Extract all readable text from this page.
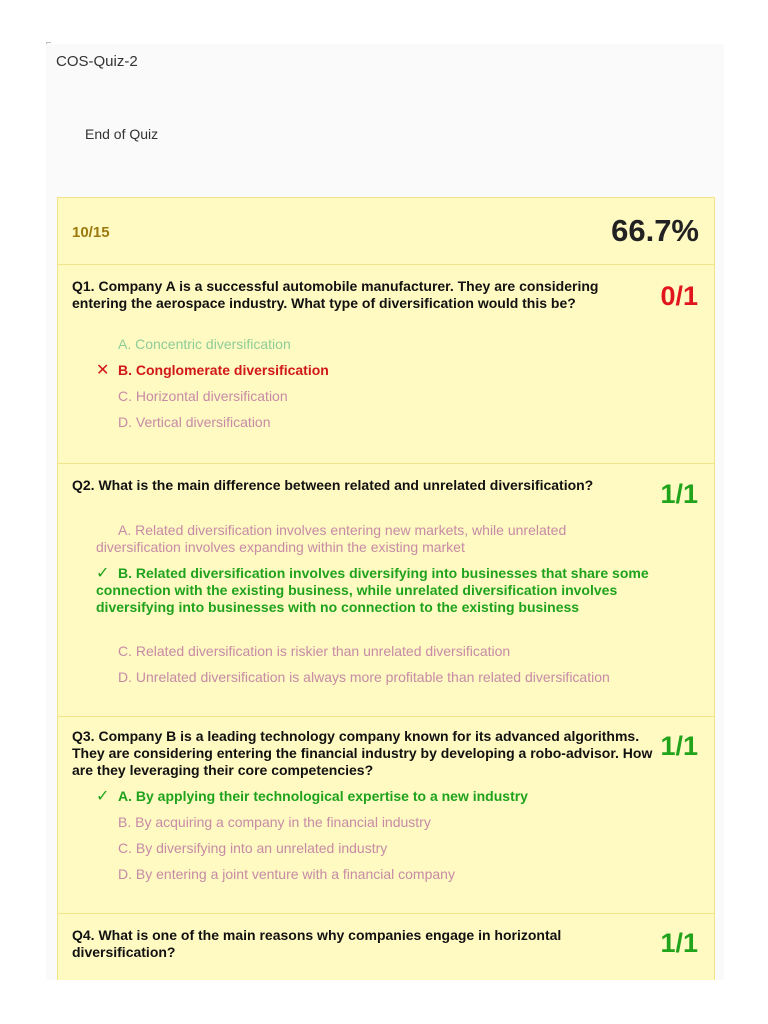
COS-Quiz-2
End of Quiz
10/15	66.7%
Q1. Company A is a successful automobile manufacturer. They are considering entering the aerospace industry. What type of diversification would this be?	0/1
A. Concentric diversification
✕ B. Conglomerate diversification
C. Horizontal diversification
D. Vertical diversification
Q2. What is the main difference between related and unrelated diversification?	1/1
A. Related diversification involves entering new markets, while unrelated diversification involves expanding within the existing market
✓ B. Related diversification involves diversifying into businesses that share some connection with the existing business, while unrelated diversification involves diversifying into businesses with no connection to the existing business
C. Related diversification is riskier than unrelated diversification
D. Unrelated diversification is always more profitable than related diversification
Q3. Company B is a leading technology company known for its advanced algorithms. They are considering entering the financial industry by developing a robo-advisor. How are they leveraging their core competencies?
1/1
✓ A. By applying their technological expertise to a new industry
B. By acquiring a company in the financial industry
C. By diversifying into an unrelated industry
D. By entering a joint venture with a financial company
Q4. What is one of the main reasons why companies engage in horizontal diversification?	1/1
